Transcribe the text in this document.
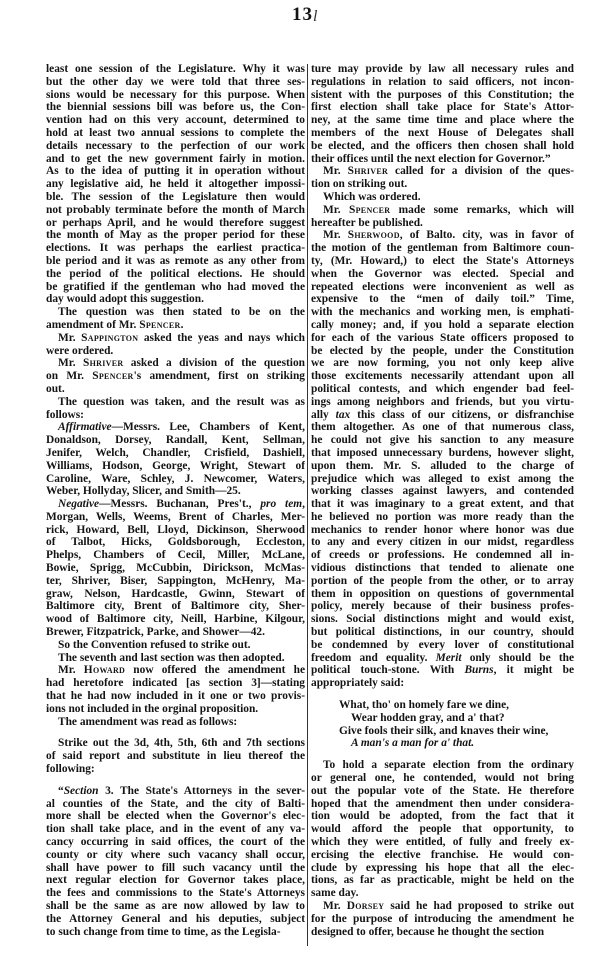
13 l
least one session of the Legislature. Why it was
but the other day we were told that three ses-
sions would be necessary for this purpose. When
the biennial sessions bill was before us, the Con-
vention had on this very account, determined to
hold at least two annual sessions to complete the
details necessary to the perfection of our work
and to get the new government fairly in motion.
As to the idea of putting it in operation without
any legislative aid, he held it altogether impossi-
ble. The session of the Legislature then would
not probably terminate before the month of March
or perhaps April, and he would therefore suggest
the month of May as the proper period for these
elections. It was perhaps the earliest practica-
ble period and it was as remote as any other from
the period of the political elections. He should
be gratified if the gentleman who had moved the
day would adopt this suggestion.
The question was then stated to be on the
amendment of Mr. Spencer.
Mr. Sappington asked the yeas and nays which
were ordered.
Mr. Shriver asked a division of the question
on Mr. Spencer's amendment, first on striking
out.
The question was taken, and the result was as
follows:
Affirmative—Messrs. Lee, Chambers of Kent,
Donaldson, Dorsey, Randall, Kent, Sellman,
Jenifer, Welch, Chandler, Crisfield, Dashiell,
Williams, Hodson, George, Wright, Stewart of
Caroline, Ware, Schley, J. Newcomer, Waters,
Weber, Hollyday, Slicer, and Smith—25.
Negative—Messrs. Buchanan, Pres't., pro tem,
Morgan, Wells, Weems, Brent of Charles, Mer-
rick, Howard, Bell, Lloyd, Dickinson, Sherwood
of Talbot, Hicks, Goldsborough, Eccleston,
Phelps, Chambers of Cecil, Miller, McLane,
Bowie, Sprigg, McCubbin, Dirickson, McMas-
ter, Shriver, Biser, Sappington, McHenry, Ma-
graw, Nelson, Hardcastle, Gwinn, Stewart of
Baltimore city, Brent of Baltimore city, Sher-
wood of Baltimore city, Neill, Harbine, Kilgour,
Brewer, Fitzpatrick, Parke, and Shower—42.
So the Convention refused to strike out.
The seventh and last section was then adopted.
Mr. Howard now offered the amendment he
had heretofore indicated [as section 3]—stating
that he had now included in it one or two provis-
ions not included in the orginal proposition.
The amendment was read as follows:
Strike out the 3d, 4th, 5th, 6th and 7th sections
of said report and substitute in lieu thereof the
following:
“Section 3. The State's Attorneys in the sever-
al counties of the State, and the city of Balti-
more shall be elected when the Governor's elec-
tion shall take place, and in the event of any va-
cancy occurring in said offices, the court of the
county or city where such vacancy shall occur,
shall have power to fill such vacancy until the
next regular election for Governor takes place,
the fees and commissions to the State's Attorneys
shall be the same as are now allowed by law to
the Attorney General and his deputies, subject
to such change from time to time, as the Legisla-
ture may provide by law all necessary rules and
regulations in relation to said officers, not incon-
sistent with the purposes of this Constitution; the
first election shall take place for State's Attor-
ney, at the same time time and place where the
members of the next House of Delegates shall
be elected, and the officers then chosen shall hold
their offices until the next election for Governor.”
Mr. Shriver called for a division of the ques-
tion on striking out.
Which was ordered.
Mr. Spencer made some remarks, which will
hereafter be published.
Mr. Sherwood, of Balto. city, was in favor of
the motion of the gentleman from Baltimore coun-
ty, (Mr. Howard,) to elect the State's Attorneys
when the Governor was elected. Special and
repeated elections were inconvenient as well as
expensive to the “men of daily toil.” Time,
with the mechanics and working men, is emphati-
cally money; and, if you hold a separate election
for each of the various State officers proposed to
be elected by the people, under the Constitution
we are now forming, you not only keep alive
those excitements necessarily attendant upon all
political contests, and which engender bad feel-
ings among neighbors and friends, but you virtu-
ally tax this class of our citizens, or disfranchise
them altogether. As one of that numerous class,
he could not give his sanction to any measure
that imposed unnecessary burdens, however slight,
upon them. Mr. S. alluded to the charge of
prejudice which was alleged to exist among the
working classes against lawyers, and contended
that it was imaginary to a great extent, and that
he believed no portion was more ready than the
mechanics to render honor where honor was due
to any and every citizen in our midst, regardless
of creeds or professions. He condemned all in-
vidious distinctions that tended to alienate one
portion of the people from the other, or to array
them in opposition on questions of governmental
policy, merely because of their business profes-
sions. Social distinctions might and would exist,
but political distinctions, in our country, should
be condemned by every lover of constitutional
freedom and equality. Merit only should be the
political touch-stone. With Burns, it might be
appropriately said:
What, tho' on homely fare we dine,
Wear hodden gray, and a' that?
Give fools their silk, and knaves their wine,
A man's a man for a' that.
To hold a separate election from the ordinary
or general one, he contended, would not bring
out the popular vote of the State. He therefore
hoped that the amendment then under considera-
tion would be adopted, from the fact that it
would afford the people that opportunity, to
which they were entitled, of fully and freely ex-
ercising the elective franchise. He would con-
clude by expressing his hope that all the elec-
tions, as far as practicable, might be held on the
same day.
Mr. Dorsey said he had proposed to strike out
for the purpose of introducing the amendment he
designed to offer, because he thought the section
